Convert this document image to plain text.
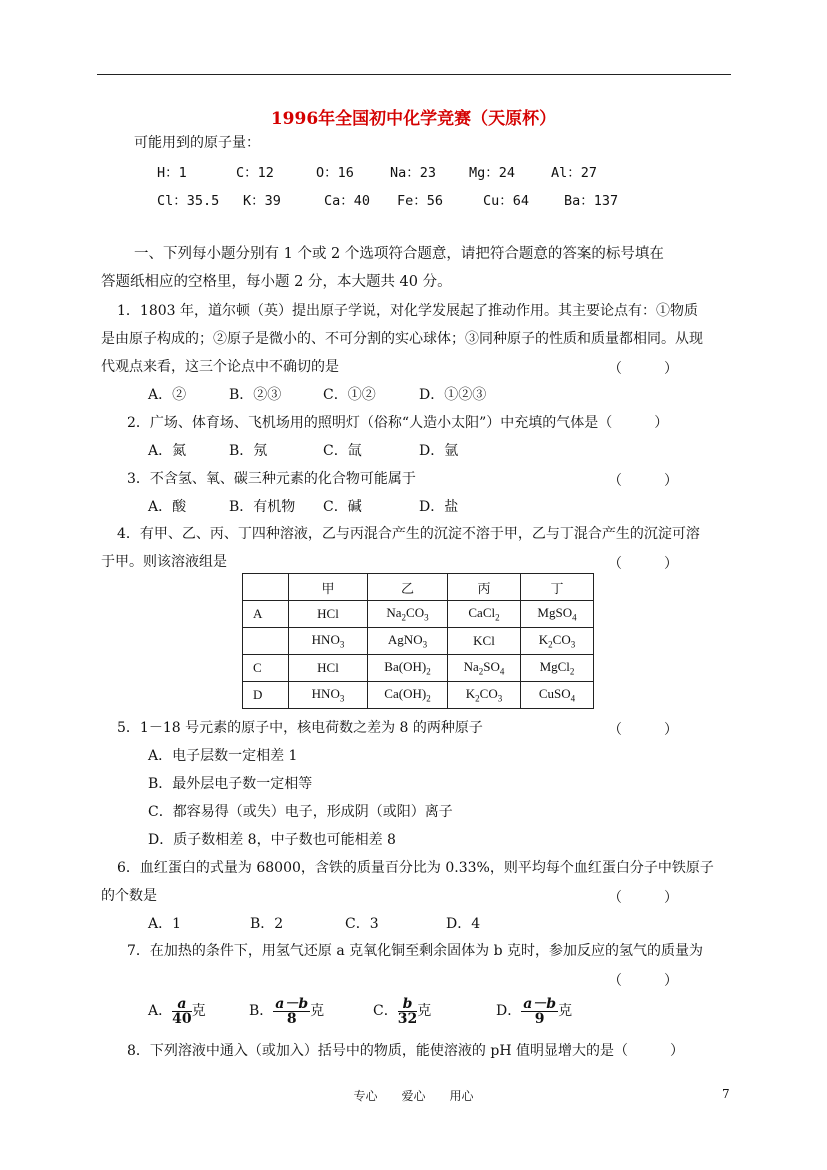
1996年全国初中化学竞赛（天原杯）
可能用到的原子量：
H：1	C：12	O：16	Na：23 Mg：24	Al：27
Cl：35.5 K：39	Ca：40 Fe：56	Cu：64	Ba：137
一、下列每小题分别有 1 个或 2 个选项符合题意，请把符合题意的答案的标号填在
答题纸相应的空格里，每小题 2 分，本大题共 40 分。
1．1803 年，道尔顿（英）提出原子学说，对化学发展起了推动作用。其主要论点有：①物质
是由原子构成的；②原子是微小的、不可分割的实心球体；③同种原子的性质和质量都相同。从现
代观点来看，这三个论点中不确切的是	（　　　）
A．②	B．②③	C．①②	D．①②③
2．广场、体育场、飞机场用的照明灯（俗称“人造小太阳”）中充填的气体是（　　　）
A．氮	B．氖	C．氙	D．氩
3．不含氢、氧、碳三种元素的化合物可能属于	（　　　）
A．酸	B．有机物 C．碱	D．盐
4．有甲、乙、丙、丁四种溶液，乙与丙混合产生的沉淀不溶于甲，乙与丁混合产生的沉淀可溶
于甲。则该溶液组是	（　　　）
	甲	乙	丙	丁
A	HCl	$Na_2CO_3$	CaCl$_2$	MgSO$_4$
	$HNO_3$	AgNO$_3$	KCl	$K_2CO_3$
C	HCl	$Ba(OH)_2$	$Na_2SO_4$	MgCl$_2$
D	$HNO_3$	$Ca(OH)_2$	$K_2CO_3$	CuSO$_4$
5．1－18 号元素的原子中，核电荷数之差为 8 的两种原子	（　　　）
A．电子层数一定相差 1
B．最外层电子数一定相等
C．都容易得（或失）电子，形成阴（或阳）离子
D．质子数相差 8，中子数也可能相差 8
6．血红蛋白的式量为 68000，含铁的质量百分比为 0.33%，则平均每个血红蛋白分子中铁原子
的个数是	（　　　）
A．1	B．2	C．3	D．4
7．在加热的条件下，用氢气还原 a 克氧化铜至剩余固体为 b 克时，参加反应的氢气的质量为
（　　　）
A． $\frac{a}{40}$ 克	B． $\frac{a-b}{8}$ 克	C． $\frac{b}{32}$ 克	D． $\frac{a-b}{9}$ 克
8．下列溶液中通入（或加入）括号中的物质，能使溶液的 pH 值明显增大的是（　　　）
专心　　爱心　　用心	7
